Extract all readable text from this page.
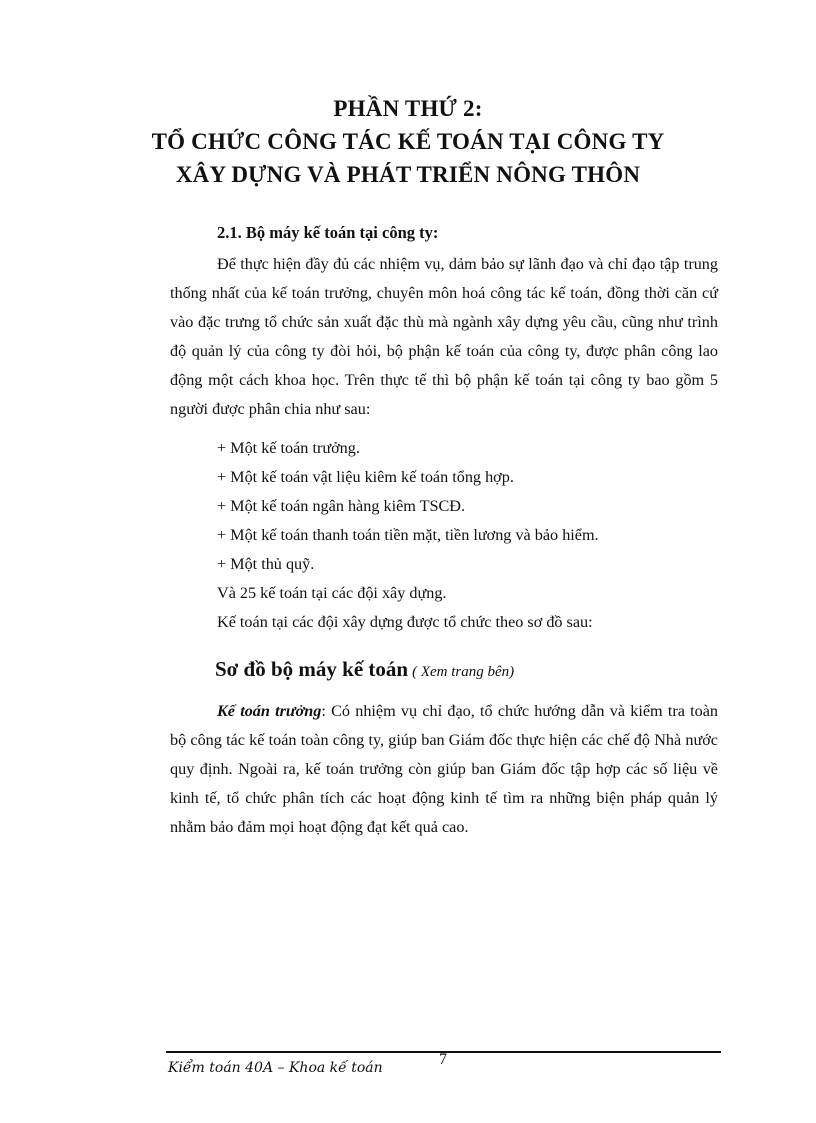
PHẦN THỨ 2:
TỔ CHỨC CÔNG TÁC KẾ TOÁN TẠI CÔNG TY
XÂY DỰNG VÀ PHÁT TRIỂN NÔNG THÔN
2.1. Bộ máy kế toán tại công ty:
Để thực hiện đầy đủ các nhiệm vụ, dảm bảo sự lãnh đạo và chỉ đạo tập trung thống nhất của kế toán trưởng, chuyên môn hoá công tác kế toán, đồng thời căn cứ vào đặc trưng tổ chức sản xuất đặc thù mà ngành xây dựng yêu cầu, cũng như trình độ quản lý của công ty đòi hỏi, bộ phận kế toán của công ty, được phân công lao động một cách khoa học. Trên thực tế thì bộ phận kế toán tại công ty bao gồm 5 người được phân chia như sau:
+ Một kế toán trưởng.
+ Một kế toán vật liệu kiêm kế toán tổng hợp.
+ Một kế toán ngân hàng kiêm TSCĐ.
+ Một kế toán thanh toán tiền mặt, tiền lương và bảo hiểm.
+ Một thủ quỹ.
Và 25 kế toán tại các đội xây dựng.
Kế toán tại các đội xây dựng được tổ chức theo sơ đồ sau:
Sơ đồ bộ máy kế toán ( Xem trang bên)
Kế toán trưởng: Có nhiệm vụ chỉ đạo, tổ chức hướng dẫn và kiểm tra toàn bộ công tác kế toán toàn công ty, giúp ban Giám đốc thực hiện các chế độ Nhà nước quy định. Ngoài ra, kế toán trưởng còn giúp ban Giám đốc tập hợp các số liệu về kinh tế, tổ chức phân tích các hoạt động kinh tế tìm ra những biện pháp quản lý nhằm bảo đảm mọi hoạt động đạt kết quả cao.
Kiểm toán 40A – Khoa kế toán	7
